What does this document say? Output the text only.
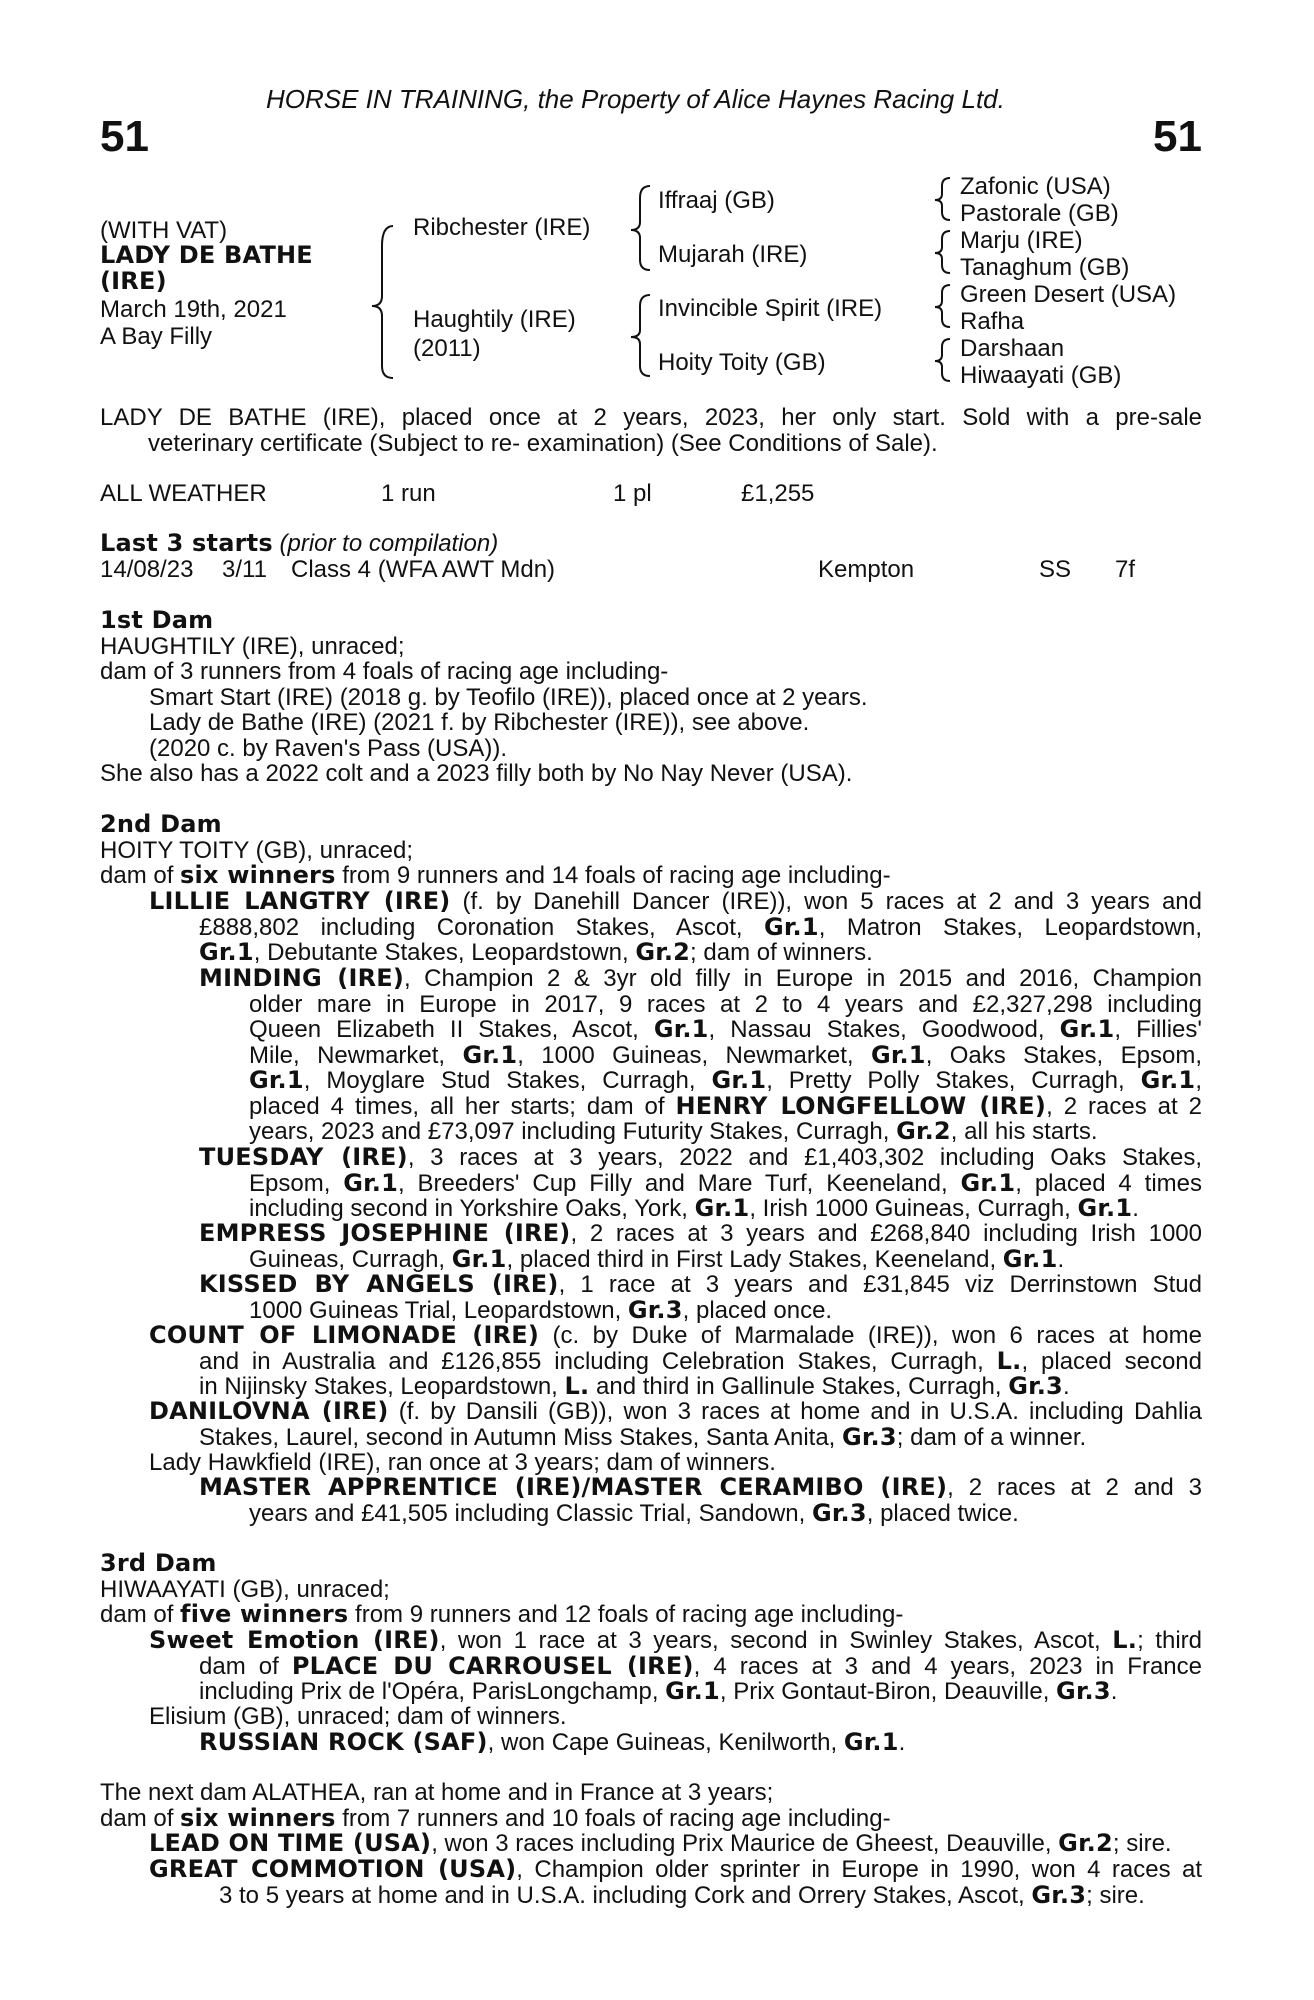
51	51
HORSE IN TRAINING, the Property of Alice Haynes Racing Ltd.
(WITH VAT)
LADY DE BATHE
(IRE)
March 19th, 2021
A Bay Filly
Ribchester (IRE)
Haughtily (IRE)
(2011)
Iffraaj (GB)
Mujarah (IRE)
Invincible Spirit (IRE)
Hoity Toity (GB)
Zafonic (USA)
Pastorale (GB)
Marju (IRE)
Tanaghum (GB)
Green Desert (USA)
Rafha
Darshaan
Hiwaayati (GB)
LADY DE BATHE (IRE), placed once at 2 years, 2023, her only start. Sold with a pre-sale
veterinary certificate (Subject to re- examination) (See Conditions of Sale).
ALL WEATHER	1 run	1 pl	£1,255
Last 3 starts (prior to compilation)
14/08/23 3/11 Class 4 (WFA AWT Mdn)	Kempton	SS 7f
1st Dam
HAUGHTILY (IRE), unraced;
dam of 3 runners from 4 foals of racing age including-
Smart Start (IRE) (2018 g. by Teofilo (IRE)), placed once at 2 years.
Lady de Bathe (IRE) (2021 f. by Ribchester (IRE)), see above.
(2020 c. by Raven's Pass (USA)).
She also has a 2022 colt and a 2023 filly both by No Nay Never (USA).
2nd Dam
HOITY TOITY (GB), unraced;
dam of six winners from 9 runners and 14 foals of racing age including-
LILLIE LANGTRY (IRE) (f. by Danehill Dancer (IRE)), won 5 races at 2 and 3 years and
£888,802 including Coronation Stakes, Ascot, Gr.1, Matron Stakes, Leopardstown,
Gr.1, Debutante Stakes, Leopardstown, Gr.2; dam of winners.
MINDING (IRE), Champion 2 & 3yr old filly in Europe in 2015 and 2016, Champion
older mare in Europe in 2017, 9 races at 2 to 4 years and £2,327,298 including
Queen Elizabeth II Stakes, Ascot, Gr.1, Nassau Stakes, Goodwood, Gr.1, Fillies'
Mile, Newmarket, Gr.1, 1000 Guineas, Newmarket, Gr.1, Oaks Stakes, Epsom,
Gr.1, Moyglare Stud Stakes, Curragh, Gr.1, Pretty Polly Stakes, Curragh, Gr.1,
placed 4 times, all her starts; dam of HENRY LONGFELLOW (IRE), 2 races at 2
years, 2023 and £73,097 including Futurity Stakes, Curragh, Gr.2, all his starts.
TUESDAY (IRE), 3 races at 3 years, 2022 and £1,403,302 including Oaks Stakes,
Epsom, Gr.1, Breeders' Cup Filly and Mare Turf, Keeneland, Gr.1, placed 4 times
including second in Yorkshire Oaks, York, Gr.1, Irish 1000 Guineas, Curragh, Gr.1.
EMPRESS JOSEPHINE (IRE), 2 races at 3 years and £268,840 including Irish 1000
Guineas, Curragh, Gr.1, placed third in First Lady Stakes, Keeneland, Gr.1.
KISSED BY ANGELS (IRE), 1 race at 3 years and £31,845 viz Derrinstown Stud
1000 Guineas Trial, Leopardstown, Gr.3, placed once.
COUNT OF LIMONADE (IRE) (c. by Duke of Marmalade (IRE)), won 6 races at home
and in Australia and £126,855 including Celebration Stakes, Curragh, L., placed second
in Nijinsky Stakes, Leopardstown, L. and third in Gallinule Stakes, Curragh, Gr.3.
DANILOVNA (IRE) (f. by Dansili (GB)), won 3 races at home and in U.S.A. including Dahlia
Stakes, Laurel, second in Autumn Miss Stakes, Santa Anita, Gr.3; dam of a winner.
Lady Hawkfield (IRE), ran once at 3 years; dam of winners.
MASTER APPRENTICE (IRE)/MASTER CERAMIBO (IRE), 2 races at 2 and 3
years and £41,505 including Classic Trial, Sandown, Gr.3, placed twice.
3rd Dam
HIWAAYATI (GB), unraced;
dam of five winners from 9 runners and 12 foals of racing age including-
Sweet Emotion (IRE), won 1 race at 3 years, second in Swinley Stakes, Ascot, L.; third
dam of PLACE DU CARROUSEL (IRE), 4 races at 3 and 4 years, 2023 in France
including Prix de l'Opéra, ParisLongchamp, Gr.1, Prix Gontaut-Biron, Deauville, Gr.3.
Elisium (GB), unraced; dam of winners.
RUSSIAN ROCK (SAF), won Cape Guineas, Kenilworth, Gr.1.
The next dam ALATHEA, ran at home and in France at 3 years;
dam of six winners from 7 runners and 10 foals of racing age including-
LEAD ON TIME (USA), won 3 races including Prix Maurice de Gheest, Deauville, Gr.2; sire.
GREAT COMMOTION (USA), Champion older sprinter in Europe in 1990, won 4 races at
3 to 5 years at home and in U.S.A. including Cork and Orrery Stakes, Ascot, Gr.3; sire.
